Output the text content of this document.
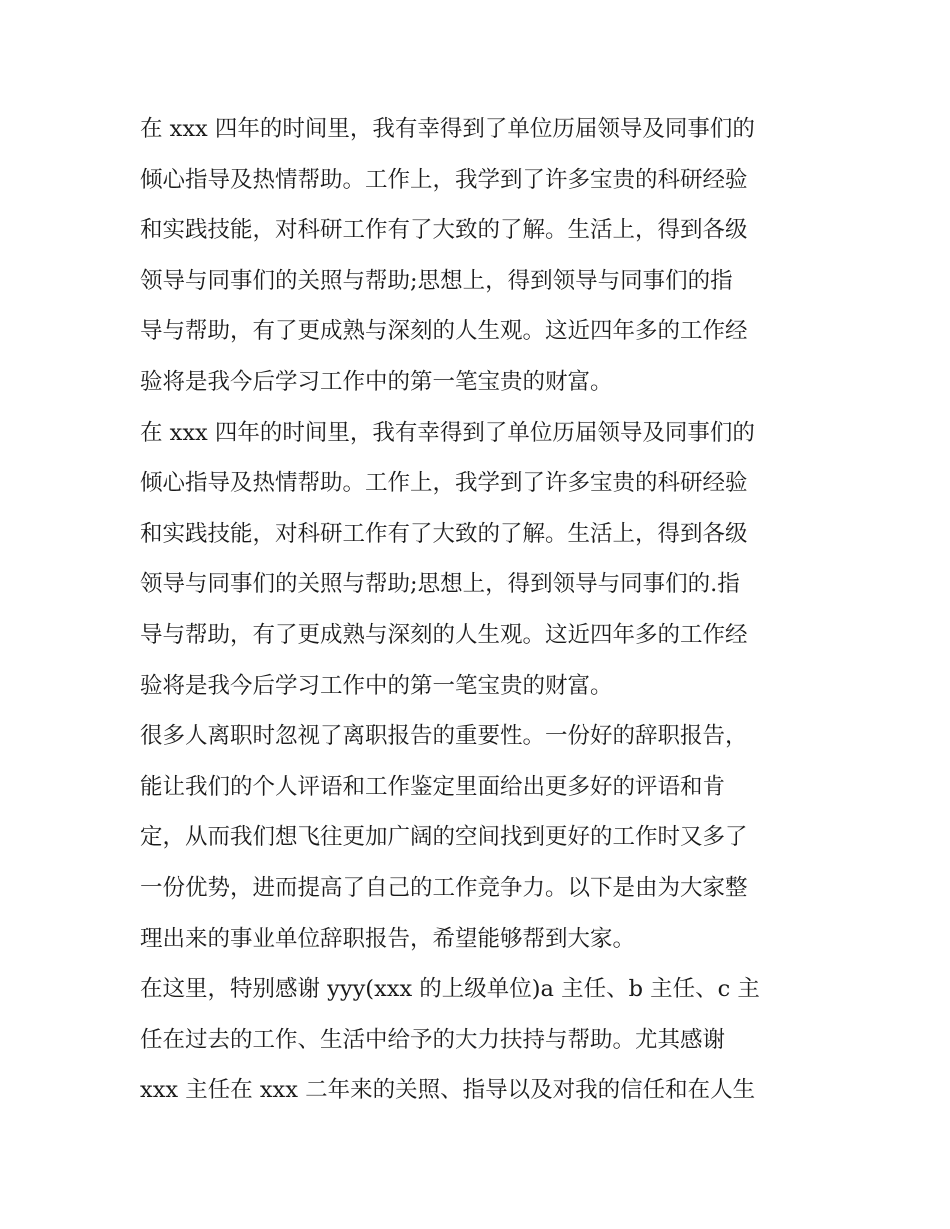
在 xxx 四年的时间里，我有幸得到了单位历届领导及同事们的
倾心指导及热情帮助。工作上，我学到了许多宝贵的科研经验
和实践技能，对科研工作有了大致的了解。生活上，得到各级
领导与同事们的关照与帮助;思想上，得到领导与同事们的指
导与帮助，有了更成熟与深刻的人生观。这近四年多的工作经
验将是我今后学习工作中的第一笔宝贵的财富。

在 xxx 四年的时间里，我有幸得到了单位历届领导及同事们的
倾心指导及热情帮助。工作上，我学到了许多宝贵的科研经验
和实践技能，对科研工作有了大致的了解。生活上，得到各级
领导与同事们的关照与帮助;思想上，得到领导与同事们的.指
导与帮助，有了更成熟与深刻的人生观。这近四年多的工作经
验将是我今后学习工作中的第一笔宝贵的财富。

很多人离职时忽视了离职报告的重要性。一份好的辞职报告，
能让我们的个人评语和工作鉴定里面给出更多好的评语和肯
定，从而我们想飞往更加广阔的空间找到更好的工作时又多了
一份优势，进而提高了自己的工作竞争力。以下是由为大家整
理出来的事业单位辞职报告，希望能够帮到大家。

在这里，特别感谢 yyy(xxx 的上级单位)a 主任、b 主任、c 主
任在过去的工作、生活中给予的大力扶持与帮助。尤其感谢
xxx 主任在 xxx 二年来的关照、指导以及对我的信任和在人生
